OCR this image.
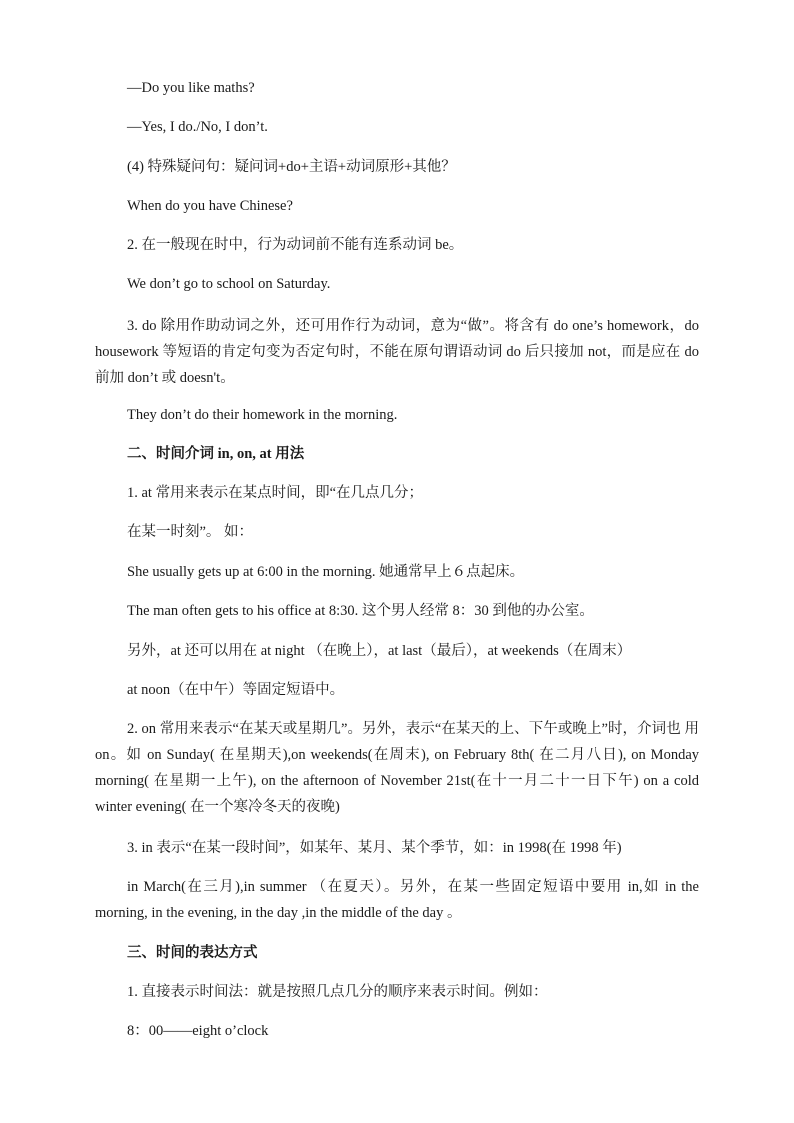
—Do you like maths?
—Yes, I do./No, I don’t.
(4) 特殊疑问句：疑问词+do+主语+动词原形+其他？
When do you have Chinese?
2. 在一般现在时中，行为动词前不能有连系动词 be。
We don’t go to school on Saturday.
3. do 除用作助动词之外，还可用作行为动词，意为“做”。将含有 do one’s homework，do housework 等短语的肯定句变为否定句时，不能在原句谓语动词 do 后只接加 not，而是应在 do 前加 don’t 或 doesn't。
They don’t do their homework in the morning.
二、时间介词 in, on, at 用法
1. at 常用来表示在某点时间，即“在几点几分；
在某一时刻”。 如：
She usually gets up at 6:00 in the morning. 她通常早上６点起床。
The man often gets to his office at 8:30. 这个男人经常 8：30 到他的办公室。
另外，at 还可以用在 at night （在晚上），at last（最后），at weekends（在周末）
at noon（在中午）等固定短语中。
2. on 常用来表示“在某天或星期几”。另外，表示“在某天的上、下午或晚上”时，介词也 用 on。如 on Sunday( 在星期天),on weekends(在周末), on February 8th( 在二月八日), on Monday morning( 在星期一上午), on the afternoon of November 21st(在十一月二十一日下午) on a cold winter evening( 在一个寒冷冬天的夜晚)
3. in 表示“在某一段时间”，如某年、某月、某个季节，如：in 1998(在 1998 年)
in March(在三月),in summer （在夏天）。另外，在某一些固定短语中要用 in,如 in the morning, in the evening, in the day ,in the middle of the day 。
三、时间的表达方式
1. 直接表示时间法：就是按照几点几分的顺序来表示时间。例如：
8：00——eight o’clock
